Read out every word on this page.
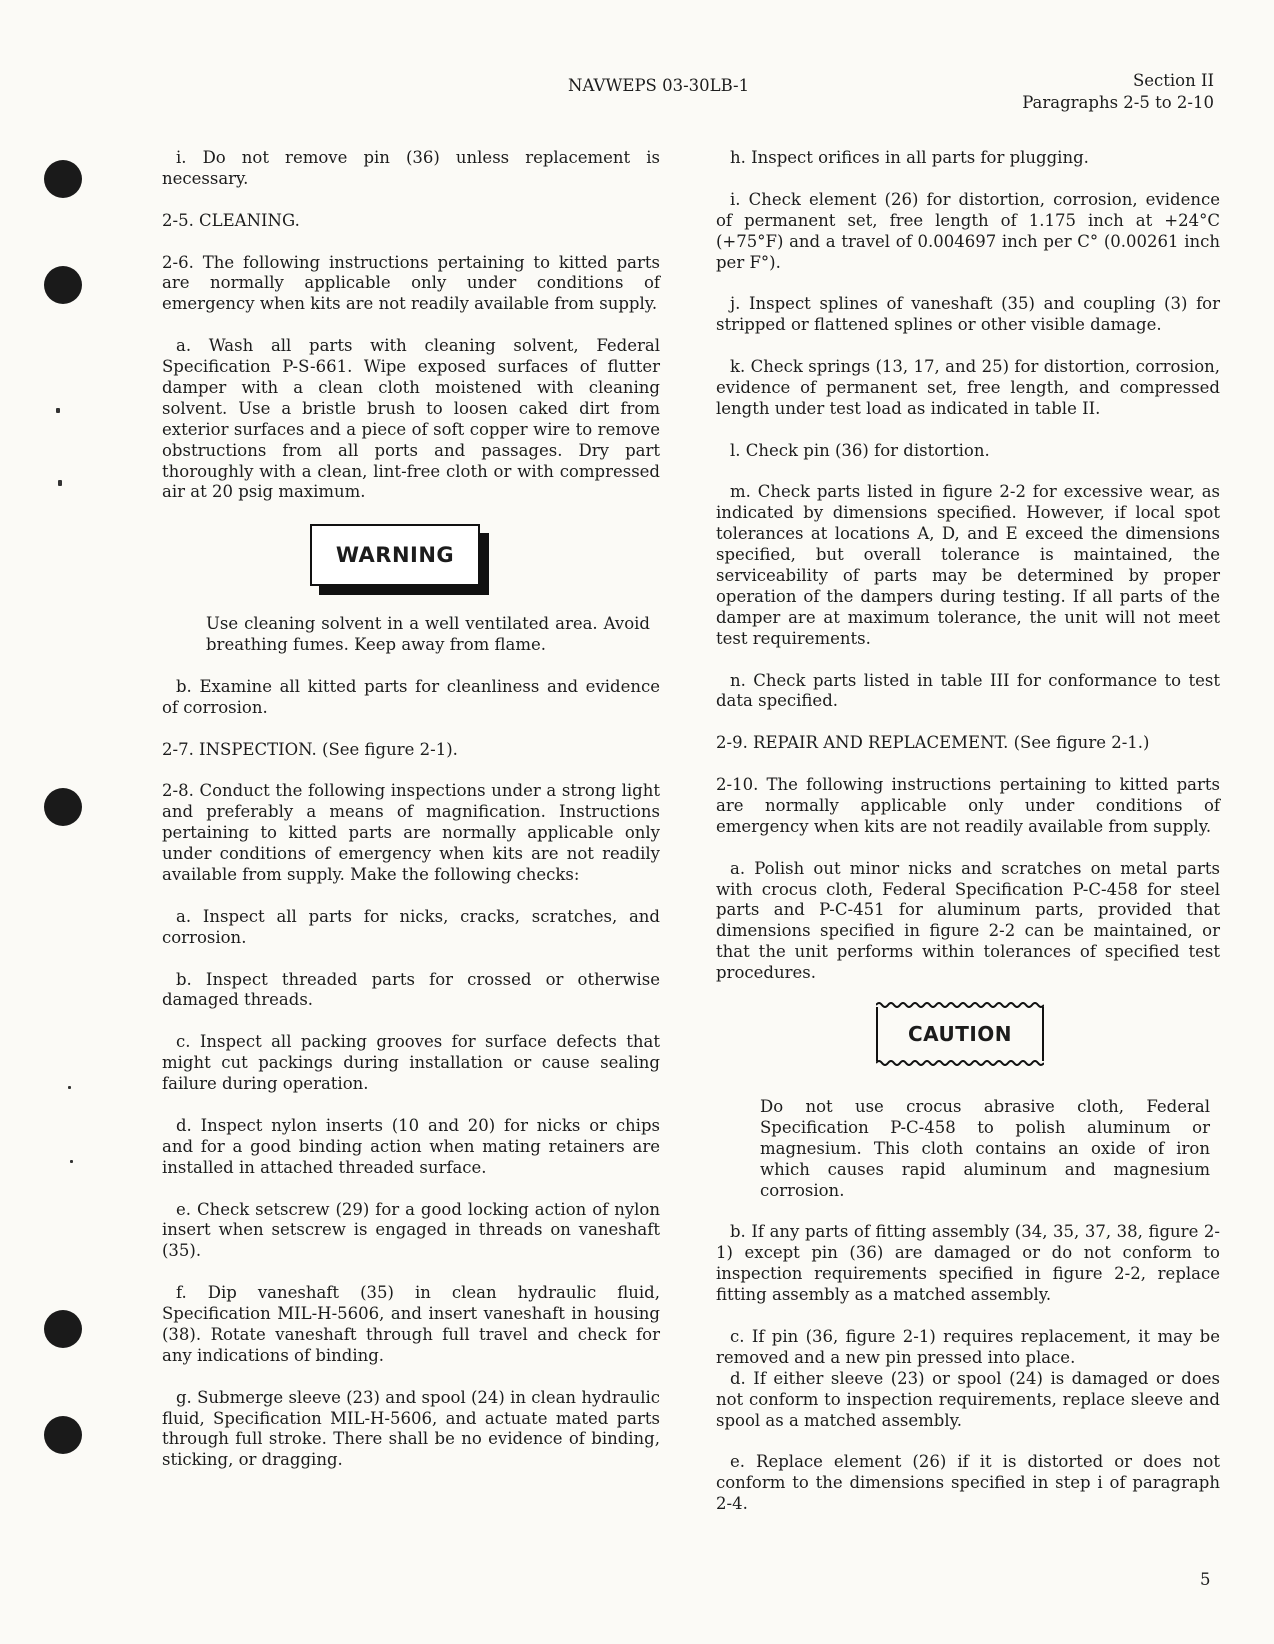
NAVWEPS 03-30LB-1	Section II
Paragraphs 2-5 to 2-10

i. Do not remove pin (36) unless replacement is necessary.

2-5. CLEANING.

2-6. The following instructions pertaining to kitted parts are normally applicable only under conditions of emergency when kits are not readily available from supply.

a. Wash all parts with cleaning solvent, Federal Specification P-S-661. Wipe exposed surfaces of flutter damper with a clean cloth moistened with cleaning solvent. Use a bristle brush to loosen caked dirt from exterior surfaces and a piece of soft copper wire to remove obstructions from all ports and passages. Dry part thoroughly with a clean, lint-free cloth or with compressed air at 20 psig maximum.

WARNING

Use cleaning solvent in a well ventilated area. Avoid breathing fumes. Keep away from flame.

b. Examine all kitted parts for cleanliness and evidence of corrosion.

2-7. INSPECTION. (See figure 2-1).

2-8. Conduct the following inspections under a strong light and preferably a means of magnification. Instructions pertaining to kitted parts are normally applicable only under conditions of emergency when kits are not readily available from supply. Make the following checks:

a. Inspect all parts for nicks, cracks, scratches, and corrosion.

b. Inspect threaded parts for crossed or otherwise damaged threads.

c. Inspect all packing grooves for surface defects that might cut packings during installation or cause sealing failure during operation.

d. Inspect nylon inserts (10 and 20) for nicks or chips and for a good binding action when mating retainers are installed in attached threaded surface.

e. Check setscrew (29) for a good locking action of nylon insert when setscrew is engaged in threads on vaneshaft (35).

f. Dip vaneshaft (35) in clean hydraulic fluid, Specification MIL-H-5606, and insert vaneshaft in housing (38). Rotate vaneshaft through full travel and check for any indications of binding.

g. Submerge sleeve (23) and spool (24) in clean hydraulic fluid, Specification MIL-H-5606, and actuate mated parts through full stroke. There shall be no evidence of binding, sticking, or dragging.

h. Inspect orifices in all parts for plugging.

i. Check element (26) for distortion, corrosion, evidence of permanent set, free length of 1.175 inch at +24°C (+75°F) and a travel of 0.004697 inch per C° (0.00261 inch per F°).

j. Inspect splines of vaneshaft (35) and coupling (3) for stripped or flattened splines or other visible damage.

k. Check springs (13, 17, and 25) for distortion, corrosion, evidence of permanent set, free length, and compressed length under test load as indicated in table II.

l. Check pin (36) for distortion.

m. Check parts listed in figure 2-2 for excessive wear, as indicated by dimensions specified. However, if local spot tolerances at locations A, D, and E exceed the dimensions specified, but overall tolerance is maintained, the serviceability of parts may be determined by proper operation of the dampers during testing. If all parts of the damper are at maximum tolerance, the unit will not meet test requirements.

n. Check parts listed in table III for conformance to test data specified.

2-9. REPAIR AND REPLACEMENT. (See figure 2-1.)

2-10. The following instructions pertaining to kitted parts are normally applicable only under conditions of emergency when kits are not readily available from supply.

a. Polish out minor nicks and scratches on metal parts with crocus cloth, Federal Specification P-C-458 for steel parts and P-C-451 for aluminum parts, provided that dimensions specified in figure 2-2 can be maintained, or that the unit performs within tolerances of specified test procedures.

CAUTION

Do not use crocus abrasive cloth, Federal Specification P-C-458 to polish aluminum or magnesium. This cloth contains an oxide of iron which causes rapid aluminum and magnesium corrosion.

b. If any parts of fitting assembly (34, 35, 37, 38, figure 2-1) except pin (36) are damaged or do not conform to inspection requirements specified in figure 2-2, replace fitting assembly as a matched assembly.

c. If pin (36, figure 2-1) requires replacement, it may be removed and a new pin pressed into place.

d. If either sleeve (23) or spool (24) is damaged or does not conform to inspection requirements, replace sleeve and spool as a matched assembly.

e. Replace element (26) if it is distorted or does not conform to the dimensions specified in step i of paragraph 2-4.

5
